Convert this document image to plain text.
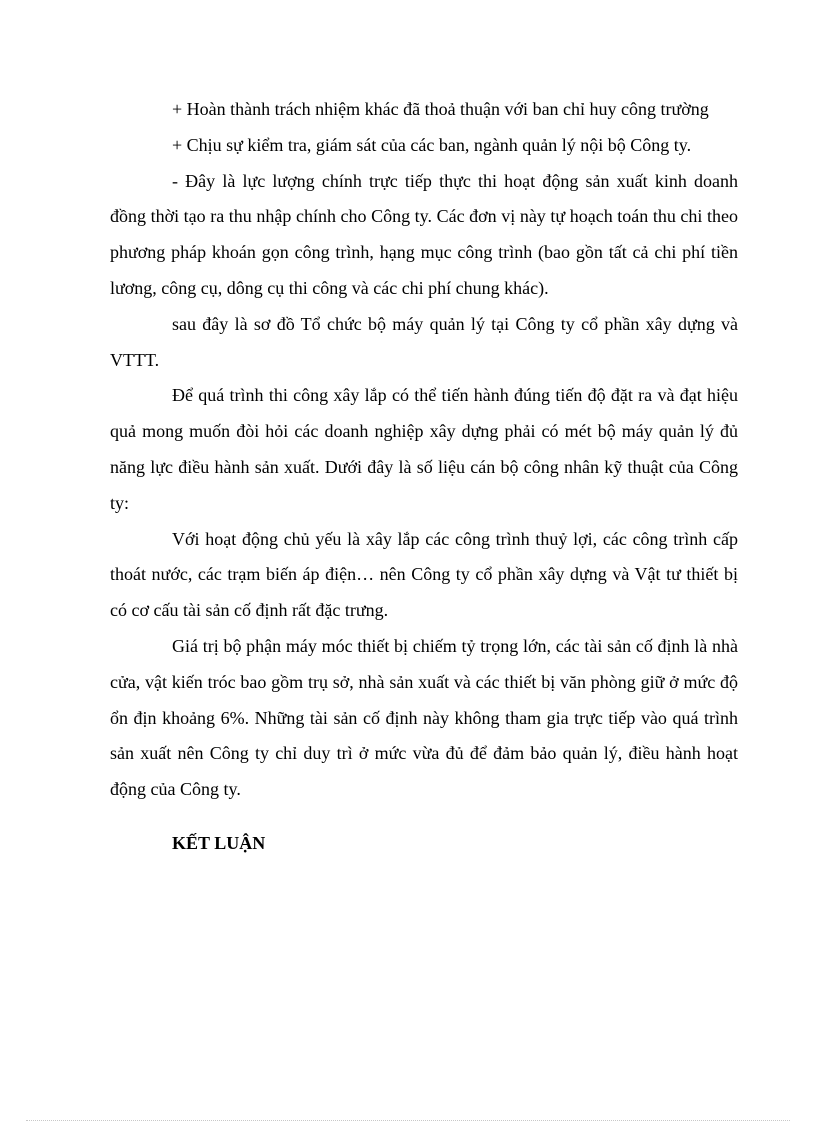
+ Hoàn thành trách nhiệm khác đã thoả thuận với ban chỉ huy công trường

+ Chịu sự kiểm tra, giám sát của các ban, ngành quản lý nội bộ Công ty.

- Đây là lực lượng chính trực tiếp thực thi hoạt động sản xuất kinh doanh đồng thời tạo ra thu nhập chính cho Công ty. Các đơn vị này tự hoạch toán thu chi theo phương pháp khoán gọn công trình, hạng mục công trình (bao gồn tất cả chi phí tiền lương, công cụ, dông cụ thi công và các chi phí chung khác).

sau đây là sơ đồ Tổ chức bộ máy quản lý tại Công ty cổ phần xây dựng và VTTT.

Để quá trình thi công xây lắp có thể tiến hành đúng tiến độ đặt ra và đạt hiệu quả mong muốn đòi hỏi các doanh nghiệp xây dựng phải có mét bộ máy quản lý đủ năng lực điều hành sản xuất. Dưới đây là số liệu cán bộ công nhân kỹ thuật của Công ty:

Với hoạt động chủ yếu là xây lắp các công trình thuỷ lợi, các công trình cấp thoát nước, các trạm biến áp điện… nên Công ty cổ phần xây dựng và Vật tư thiết bị có cơ cấu tài sản cố định rất đặc trưng.

Giá trị bộ phận máy móc thiết bị chiếm tỷ trọng lớn, các tài sản cố định là nhà cửa, vật kiến tróc bao gồm trụ sở, nhà sản xuất và các thiết bị văn phòng giữ ở mức độ ổn địn khoảng 6%. Những tài sản cố định này không tham gia trực tiếp vào quá trình sản xuất nên Công ty chỉ duy trì ở mức vừa đủ để đảm bảo quản lý, điều hành hoạt động của Công ty.

KẾT LUẬN
